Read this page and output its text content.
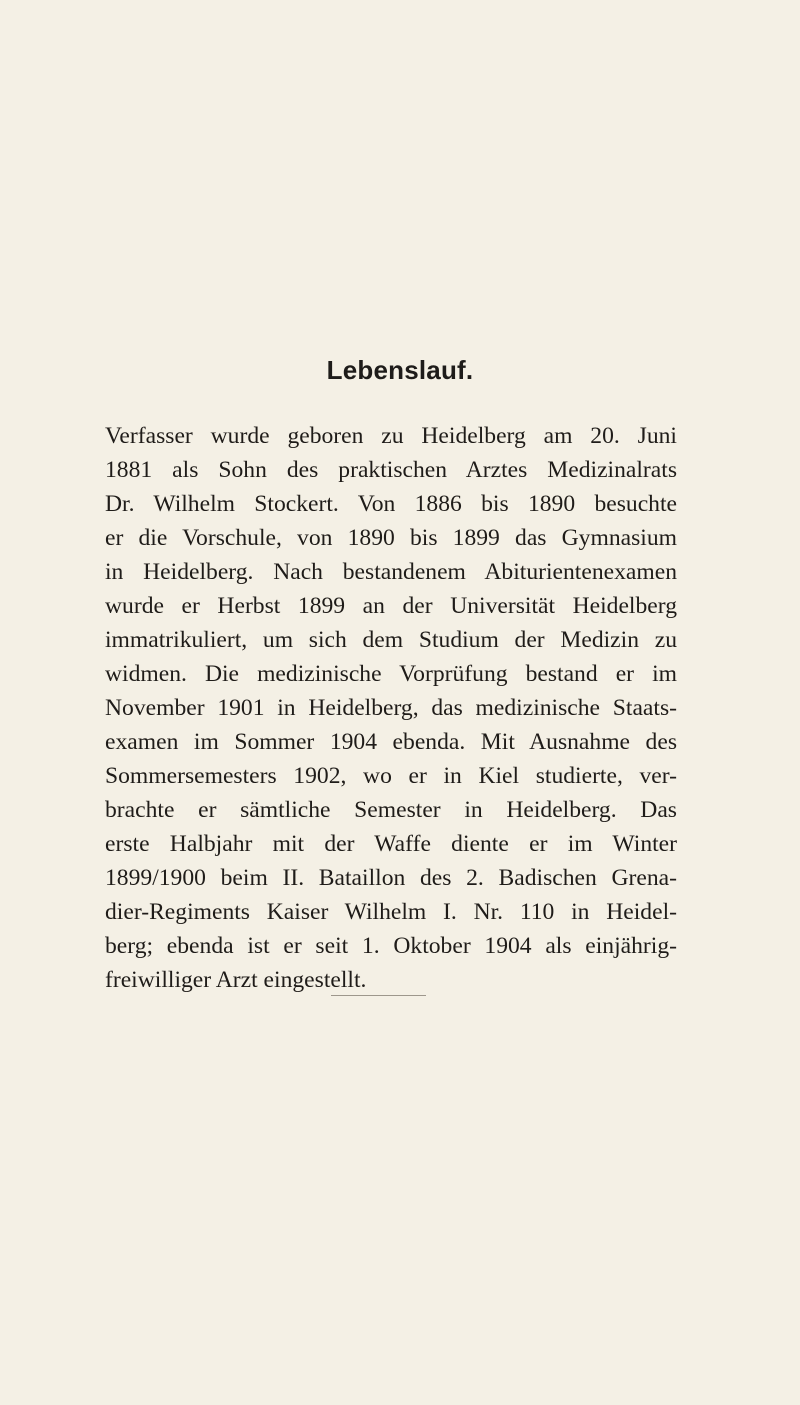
Lebenslauf.
Verfasser wurde geboren zu Heidelberg am 20. Juni
1881 als Sohn des praktischen Arztes Medizinalrats
Dr. Wilhelm Stockert. Von 1886 bis 1890 besuchte
er die Vorschule, von 1890 bis 1899 das Gymnasium
in Heidelberg. Nach bestandenem Abiturientenexamen
wurde er Herbst 1899 an der Universität Heidelberg
immatrikuliert, um sich dem Studium der Medizin zu
widmen. Die medizinische Vorprüfung bestand er im
November 1901 in Heidelberg, das medizinische Staats-
examen im Sommer 1904 ebenda. Mit Ausnahme des
Sommersemesters 1902, wo er in Kiel studierte, ver-
brachte er sämtliche Semester in Heidelberg. Das
erste Halbjahr mit der Waffe diente er im Winter
1899/1900 beim II. Bataillon des 2. Badischen Grena-
dier-Regiments Kaiser Wilhelm I. Nr. 110 in Heidel-
berg; ebenda ist er seit 1. Oktober 1904 als einjährig-
freiwilliger Arzt eingestellt.
